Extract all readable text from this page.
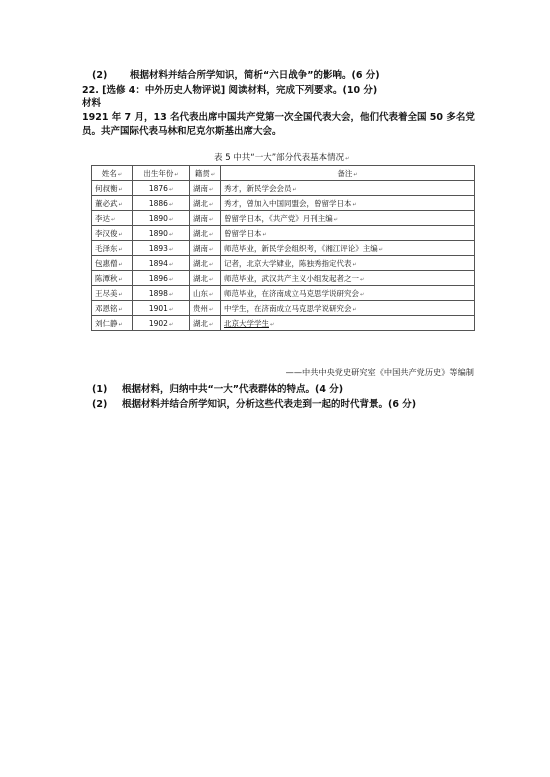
(2) 根据材料并结合所学知识，简析“六日战争”的影响。(6 分)
22. [选修 4：中外历史人物评说] 阅读材料，完成下列要求。(10 分)
材料
1921 年 7 月，13 名代表出席中国共产党第一次全国代表大会，他们代表着全国 50 多名党
员。共产国际代表马林和尼克尔斯基出席大会。
表 5 中共“一大”部分代表基本情况↵
姓名↵	出生年份↵	籍贯↵	备注↵
何叔衡↵	1876↵	湖南↵	秀才，新民学会会员↵
董必武↵	1886↵	湖北↵	秀才，曾加入中国同盟会，曾留学日本↵
李达↵	1890↵	湖南↵	曾留学日本，《共产党》月刊主编↵
李汉俊↵	1890↵	湖北↵	曾留学日本↵
毛泽东↵	1893↵	湖南↵	师范毕业，新民学会组织考，《湘江评论》主编↵
包惠僧↵	1894↵	湖北↵	记者，北京大学肄业，陈独秀指定代表↵
陈潭秋↵	1896↵	湖北↵	师范毕业，武汉共产主义小组发起者之一↵
王尽美↵	1898↵	山东↵	师范毕业，在济南成立马克思学说研究会↵
邓恩铭↵	1901↵	贵州↵	中学生，在济南成立马克思学说研究会↵
刘仁静↵	1902↵	湖北↵	北京大学学生↵
——中共中央党史研究室《中国共产党历史》等编制
(1) 根据材料，归纳中共“一大”代表群体的特点。(4 分)
(2) 根据材料并结合所学知识，分析这些代表走到一起的时代背景。(6 分)
